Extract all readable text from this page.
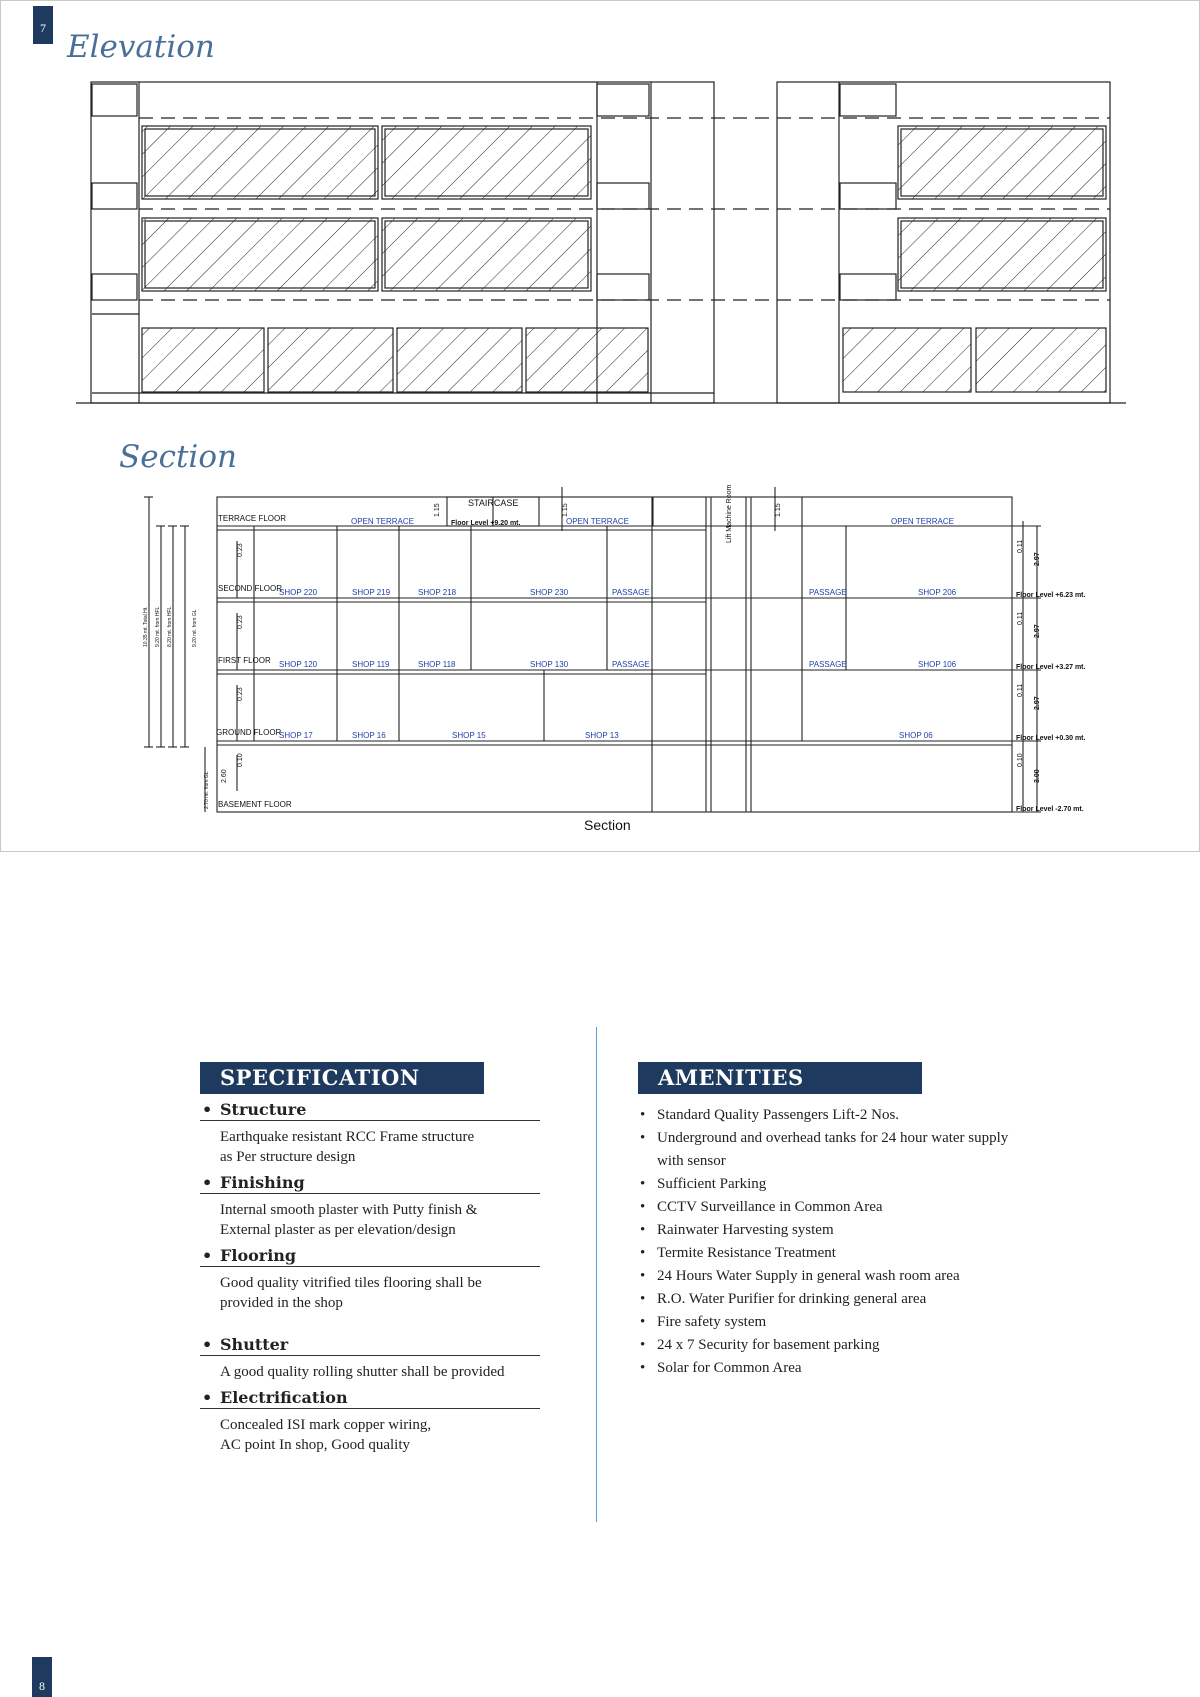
7
Elevation
Section
TERRACE FLOOR
SECOND FLOOR
FIRST FLOOR
GROUND FLOOR
BASEMENT FLOOR
STAIRCASE
Floor Level +9.20 mt.
Floor Level +6.23 mt.
Floor Level +3.27 mt.
Floor Level +0.30 mt.
Floor Level -2.70 mt.
2.97
2.97
2.97
3.00
0.11
0.11
0.11
0.10
0.23
0.23
0.23
0.10
1.15	1.15	1.15
Lift Machine Room
10.35 mt. Total Ht. 9.20 mt. from HFL 8.20 mt. from HFL	9.20 mt. from GL
2.70 mt. from GL 2.60
OPEN TERRACE	OPEN TERRACE	OPEN TERRACE
SHOP 220	SHOP 219	SHOP 218	SHOP 230	SHOP 206
PASSAGE	PASSAGE
SHOP 120	SHOP 119	SHOP 118	SHOP 130	SHOP 106
PASSAGE	PASSAGE
SHOP 17	SHOP 16	SHOP 15	SHOP 13	SHOP 06
Section
SPECIFICATION
• Structure
Earthquake resistant RCC Frame structure
as Per structure design
• Finishing
Internal smooth plaster with Putty finish &
External plaster as per elevation/design
• Flooring
Good quality vitrified tiles flooring shall be
provided in the shop
• Shutter
A good quality rolling shutter shall be provided
• Electrification
Concealed ISI mark copper wiring,
AC point In shop, Good quality
AMENITIES
• Standard Quality Passengers Lift-2 Nos.
• Underground and overhead tanks for 24 hour water supply with sensor
• Sufficient Parking
• CCTV Surveillance in Common Area
• Rainwater Harvesting system
• Termite Resistance Treatment
• 24 Hours Water Supply in general wash room area
• R.O. Water Purifier for drinking general area
• Fire safety system
• 24 x 7 Security for basement parking
• Solar for Common Area
8
